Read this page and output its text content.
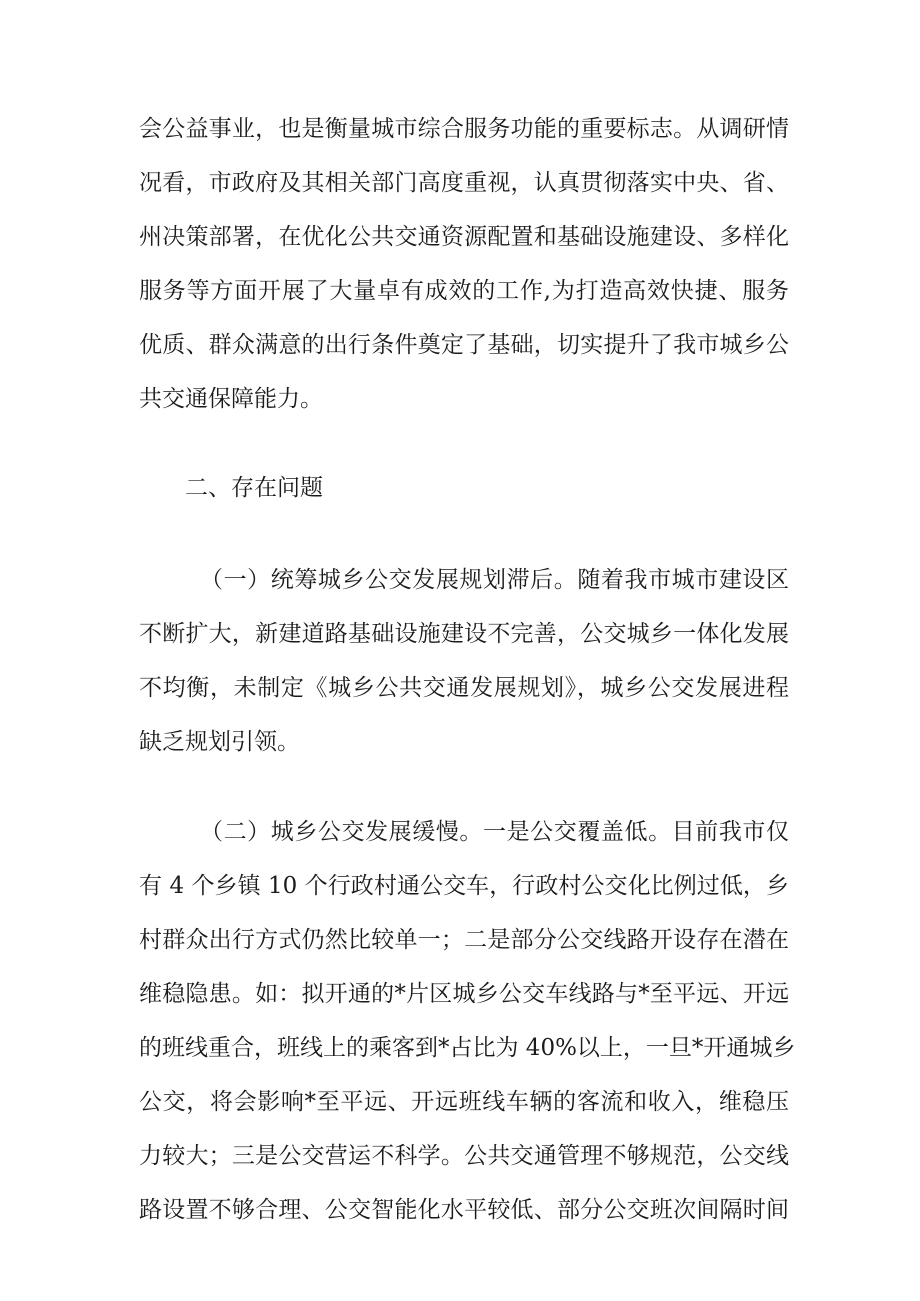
会公益事业，也是衡量城市综合服务功能的重要标志。从调研情
况看，市政府及其相关部门高度重视，认真贯彻落实中央、省、
州决策部署，在优化公共交通资源配置和基础设施建设、多样化
服务等方面开展了大量卓有成效的工作,为打造高效快捷、服务
优质、群众满意的出行条件奠定了基础，切实提升了我市城乡公
共交通保障能力。
二、存在问题
（一）统筹城乡公交发展规划滞后。随着我市城市建设区
不断扩大，新建道路基础设施建设不完善，公交城乡一体化发展
不均衡，未制定《城乡公共交通发展规划》，城乡公交发展进程
缺乏规划引领。
（二）城乡公交发展缓慢。一是公交覆盖低。目前我市仅
有 4 个乡镇 10 个行政村通公交车，行政村公交化比例过低，乡
村群众出行方式仍然比较单一；二是部分公交线路开设存在潜在
维稳隐患。如：拟开通的*片区城乡公交车线路与*至平远、开远
的班线重合，班线上的乘客到*占比为 40%以上，一旦*开通城乡
公交，将会影响*至平远、开远班线车辆的客流和收入，维稳压
力较大；三是公交营运不科学。公共交通管理不够规范，公交线
路设置不够合理、公交智能化水平较低、部分公交班次间隔时间
